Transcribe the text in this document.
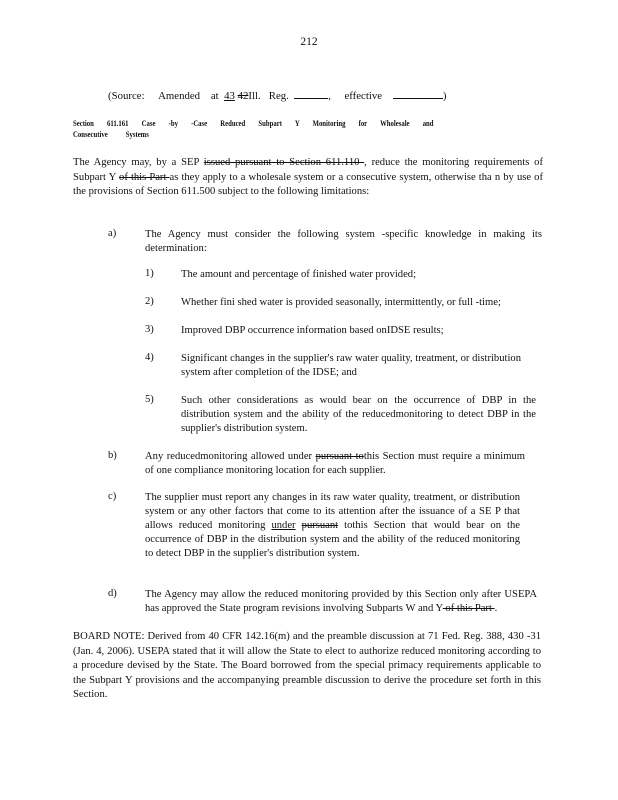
212
(Source: Amended at 43 42Ill. Reg.	,     effective	)
Section 611.161 Case -by -Case Reduced Subpart Y Monitoring for Wholesale and
Consecutive Systems
The Agency may, by a SEP issued pursuant to Section 611.110 , reduce the monitoring requirements of Subpart Y of this Part as they apply to a wholesale system or a consecutive system, otherwise tha n by use of the provisions of Section 611.500 subject to the following limitations:
a)	The Agency must consider the following system -specific knowledge in making its determination:
1)	The amount and percentage of finished water provided;
2)	Whether fini shed water is provided seasonally, intermittently, or full -time;
3)	Improved DBP occurrence information based onIDSE results;
4)	Significant changes in the supplier's raw water quality, treatment, or distribution system after completion of the IDSE; and
5)	Such other considerations as would bear on the occurrence of DBP in the distribution system and the ability of the reducedmonitoring to detect DBP in the supplier's distribution system.
b)	Any reducedmonitoring allowed under pursuant tothis Section must require a minimum of one compliance monitoring location for each supplier.
c)	The supplier must report any changes in its raw water quality, treatment, or distribution system or any other factors that come to its attention after the issuance of a SE P that allows reduced monitoring under pursuant tothis Section that would bear on the occurrence of DBP in the distribution system and the ability of the reduced monitoring to detect DBP in the supplier's distribution system.
d)	The Agency may allow the reduced monitoring provided by this Section only after USEPA has approved the State program revisions involving Subparts W and Y of this Part .
BOARD NOTE: Derived from 40 CFR 142.16(m) and the preamble discussion at 71 Fed. Reg. 388, 430 -31 (Jan. 4, 2006). USEPA stated that it will allow the State to elect to authorize reduced monitoring according to a procedure devised by the State. The Board borrowed from the special primacy requirements applicable to the Subpart Y provisions and the accompanying preamble discussion to derive the procedure set forth in this Section.
